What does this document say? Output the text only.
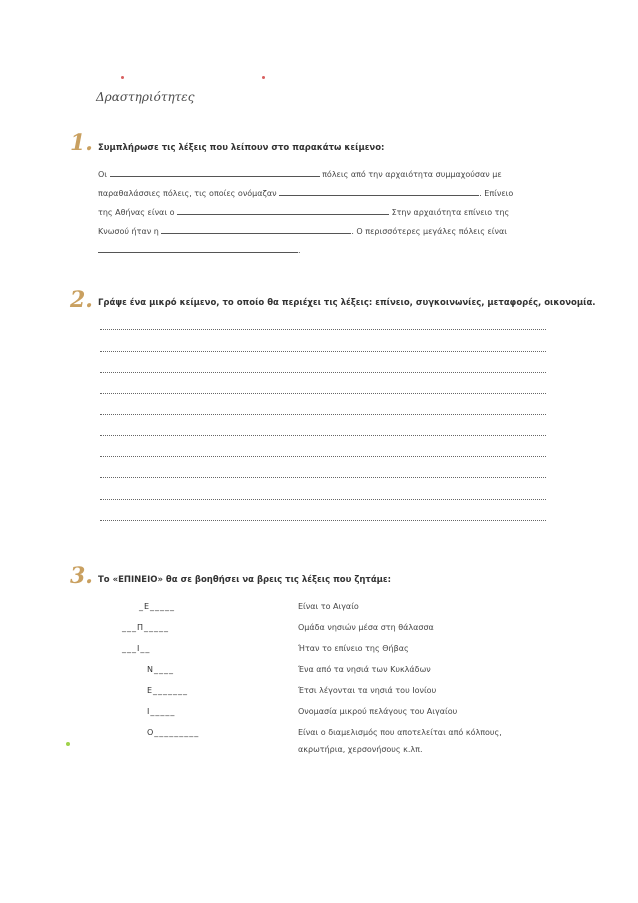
Δραστηριότητες
1. Συμπλήρωσε τις λέξεις που λείπουν στο παρακάτω κείμενο:
Οι	πόλεις από την αρχαιότητα συμμαχούσαν με
παραθαλάσσιες πόλεις, τις οποίες ονόμαζαν	. Επίνειο
της Αθήνας είναι ο	Στην αρχαιότητα επίνειο της
Κνωσού ήταν η	. Ο περισσότερες μεγάλες πόλεις είναι
.
2. Γράψε ένα μικρό κείμενο, το οποίο θα περιέχει τις λέξεις: επίνειο, συγκοινωνίες, μεταφορές, οικονομία.
3. Το «ΕΠΙΝΕΙΟ» θα σε βοηθήσει να βρεις τις λέξεις που ζητάμε:
_Ε_____	Είναι το Αιγαίο
___Π_____	Ομάδα νησιών μέσα στη θάλασσα
___Ι__	Ήταν το επίνειο της Θήβας
Ν____	Ένα από τα νησιά των Κυκλάδων
Ε_______	Έτσι λέγονται τα νησιά του Ιονίου
Ι_____	Ονομασία μικρού πελάγους του Αιγαίου
Ο_________	Είναι ο διαμελισμός που αποτελείται από κόλπους,
ακρωτήρια, χερσονήσους κ.λπ.
